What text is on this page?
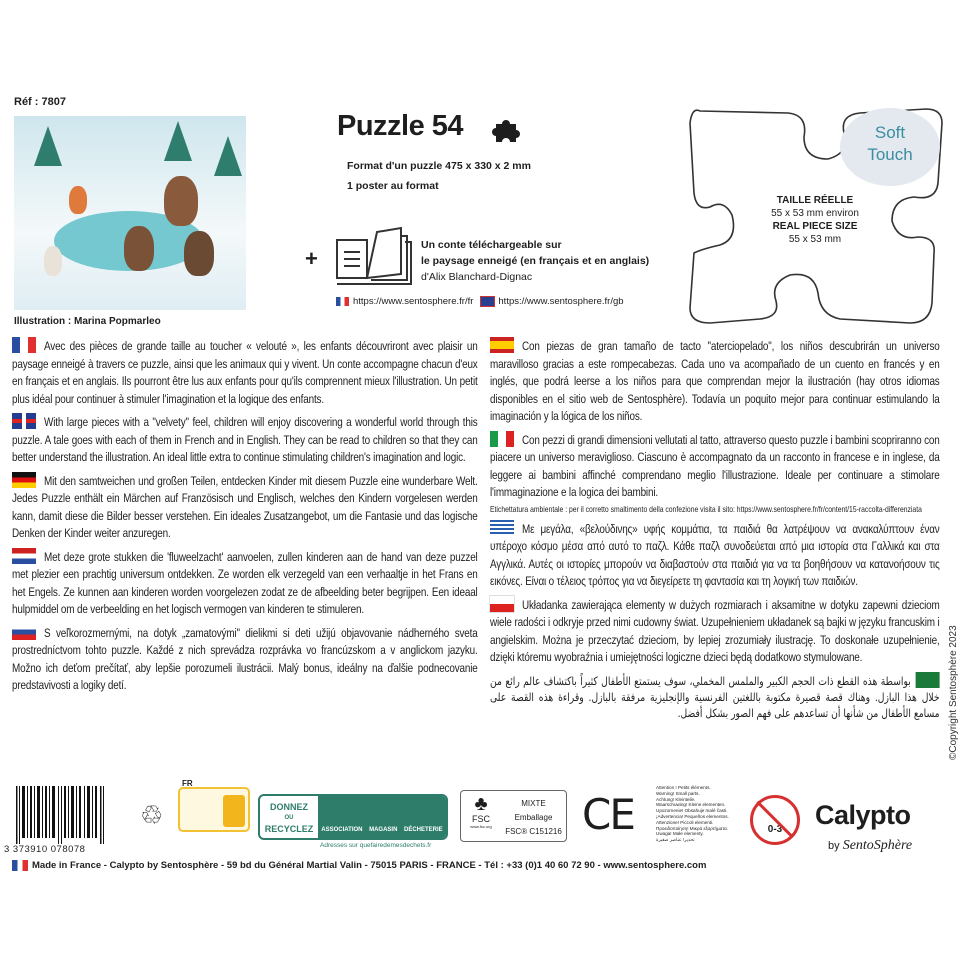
Réf : 7807
Illustration : Marina Popmarleo
Puzzle 54
Format d'un puzzle 475 x 330 x 2 mm
1 poster au format
+
Un conte téléchargeable sur
le paysage enneigé (en français et en anglais)
d'Alix Blanchard-Dignac
https://www.sentosphere.fr/fr	https://www.sentosphere.fr/gb
Soft
Touch
TAILLE RÉELLE
55 x 53 mm environ
REAL PIECE SIZE
55 x 53 mm

Avec des pièces de grande taille au toucher « velouté », les enfants découvriront avec plaisir un paysage enneigé à travers ce puzzle, ainsi que les animaux qui y vivent. Un conte accompagne chacun d'eux en français et en anglais. Ils pourront être lus aux enfants pour qu'ils comprennent mieux l'illustration. Un petit plus idéal pour continuer à stimuler l'imagination et la logique des enfants.

With large pieces with a "velvety" feel, children will enjoy discovering a wonderful world through this puzzle. A tale goes with each of them in French and in English. They can be read to children so that they can better understand the illustration. An ideal little extra to continue stimulating children's imagination and logic.

Mit den samtweichen und großen Teilen, entdecken Kinder mit diesem Puzzle eine wunderbare Welt. Jedes Puzzle enthält ein Märchen auf Französisch und Englisch, welches den Kindern vorgelesen werden kann, damit diese die Bilder besser verstehen. Ein ideales Zusatzangebot, um die Fantasie und das logische Denken der Kinder weiter anzuregen.

Met deze grote stukken die 'fluweelzacht' aanvoelen, zullen kinderen aan de hand van deze puzzel met plezier een prachtig universum ontdekken. Ze worden elk verzegeld van een verhaaltje in het Frans en het Engels. Ze kunnen aan kinderen worden voorgelezen zodat ze de afbeelding beter begrijpen. Een ideaal hulpmiddel om de verbeelding en het logisch vermogen van kinderen te stimuleren.

S veľkorozmernými, na dotyk „zamatovými" dielikmi si deti užijú objavovanie nádherného sveta prostredníctvom tohto puzzle. Každé z nich sprevádza rozprávka vo francúzskom a v anglickom jazyku. Možno ich deťom prečítať, aby lepšie porozumeli ilustrácii. Malý bonus, ideálny na ďalšie podnecovanie predstavivosti a logiky detí.

Con piezas de gran tamaño de tacto "aterciopelado", los niños descubrirán un universo maravilloso gracias a este rompecabezas. Cada uno va acompañado de un cuento en francés y en inglés, que podrá leerse a los niños para que comprendan mejor la ilustración (hay otros idiomas disponibles en el sitio web de Sentosphère). Todavía un poquito mejor para continuar estimulando la imaginación y la lógica de los niños.

Con pezzi di grandi dimensioni vellutati al tatto, attraverso questo puzzle i bambini scopriranno con piacere un universo meraviglioso. Ciascuno è accompagnato da un racconto in francese e in inglese, da leggere ai bambini affinché comprendano meglio l'illustrazione. Ideale per continuare a stimolare l'immaginazione e la logica dei bambini.
Etichettatura ambientale : per il corretto smaltimento della confezione visita il sito: https://www.sentosphere.fr/fr/content/15-raccolta-differenziata

Με μεγάλα, «βελούδινης» υφής κομμάτια, τα παιδιά θα λατρέψουν να ανακαλύπτουν έναν υπέροχο κόσμο μέσα από αυτό το παζλ. Κάθε παζλ συνοδεύεται από μια ιστορία στα Γαλλικά και στα Αγγλικά. Αυτές οι ιστορίες μπορούν να διαβαστούν στα παιδιά για να τα βοηθήσουν να κατανοήσουν τις εικόνες. Είναι ο τέλειος τρόπος για να διεγείρετε τη φαντασία και τη λογική των παιδιών.

Układanka zawierająca elementy w dużych rozmiarach i aksamitne w dotyku zapewni dzieciom wiele radości i odkryje przed nimi cudowny świat. Uzupełnieniem układanek są bajki w języku francuskim i angielskim. Można je przeczytać dzieciom, by lepiej zrozumiały ilustrację. To doskonałe uzupełnienie, dzięki któremu wyobraźnia i umiejętności logiczne dzieci będą dodatkowo stymulowane.

بواسطة هذه القطع ذات الحجم الكبير والملمس المخملي، سوف يستمتع الأطفال كثيراً باكتشاف عالم رائع من خلال هذا البازل. وهناك قصة قصيرة مكتوبة باللغتين الفرنسية والإنجليزية مرفقة بالبازل. وقراءة هذه القصة على مسامع الأطفال من شأنها أن تساعدهم على فهم الصور بشكل أفضل. ©Copyright Sentosphère 2023
3 373910 078078
♲
FR
DONNEZ
OU
RECYCLEZ	ASSOCIATION MAGASIN DÉCHETERIE
Adresses sur quefairedemesdechets.fr
♣
FSC
www.fsc.org
MIXTE
Emballage
FSC® C151216 CE
Attention ! Petits éléments.
Warning! Small parts.
Achtung! Kleinteile.
Waarschuwing! Kleine elementen.
Upozornenie! Obsahuje malé časti.
¡Advertencia! Pequeños elementos.
Attenzione! Piccoli elementi.
Προειδοποίηση! Μικρά εξαρτήματα.
Uwaga! Małe elementy.
تحذير! عناصر صغيرة
0-3	Calypto
by SentoSphère
Made in France - Calypto by Sentosphère - 59 bd du Général Martial Valin - 75015 PARIS - FRANCE - Tél : +33 (0)1 40 60 72 90 - www.sentosphere.com
